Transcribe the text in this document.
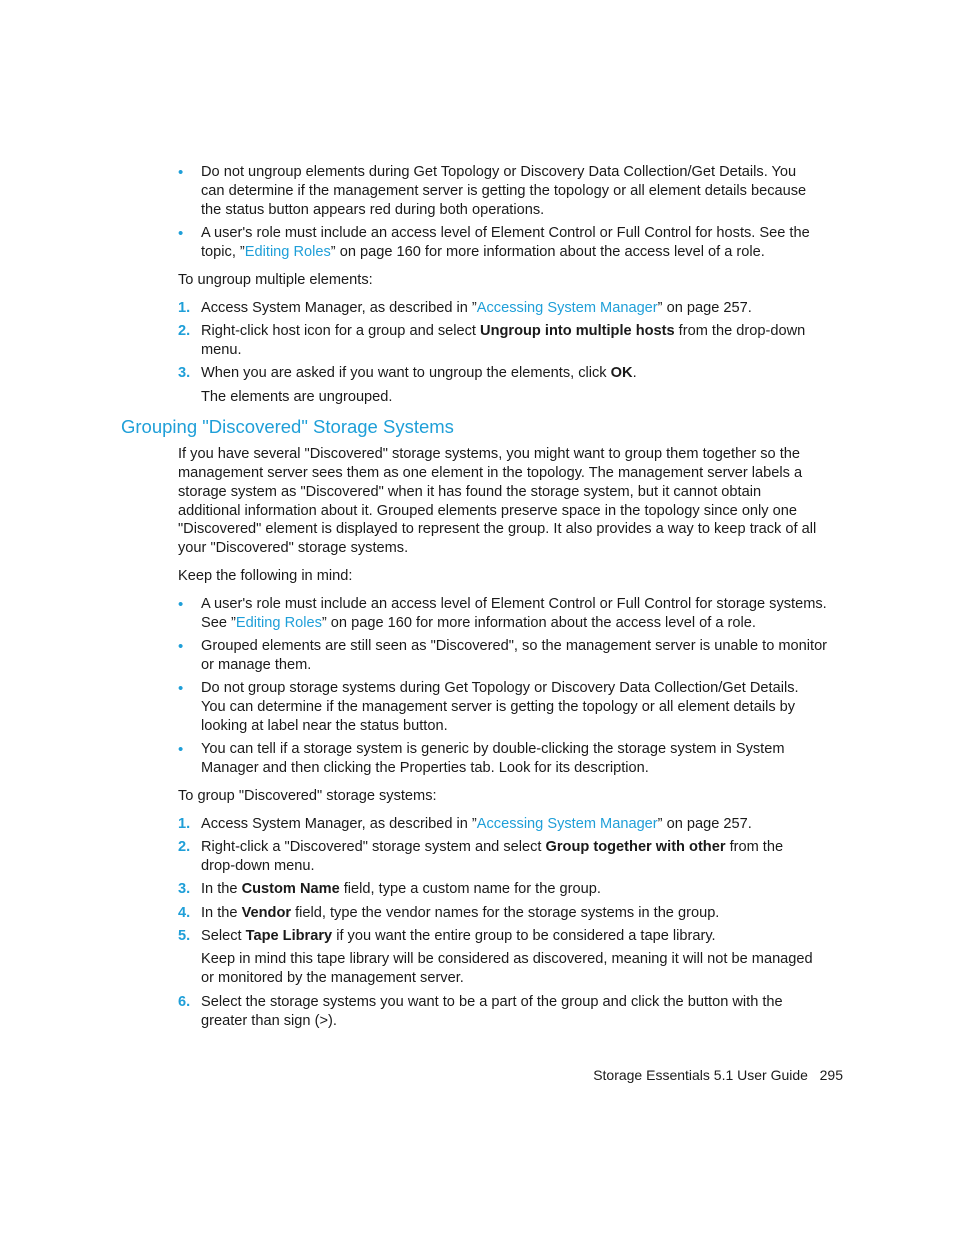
• Do not ungroup elements during Get Topology or Discovery Data Collection/Get Details. You
can determine if the management server is getting the topology or all element details because
the status button appears red during both operations.
• A user's role must include an access level of Element Control or Full Control for hosts. See the
topic, ”Editing Roles” on page 160 for more information about the access level of a role.
To ungroup multiple elements:
1. Access System Manager, as described in ”Accessing System Manager” on page 257.
2. Right-click host icon for a group and select Ungroup into multiple hosts from the drop-down
menu.
3. When you are asked if you want to ungroup the elements, click OK.
The elements are ungrouped.
Grouping "Discovered" Storage Systems
If you have several "Discovered" storage systems, you might want to group them together so the
management server sees them as one element in the topology. The management server labels a
storage system as "Discovered" when it has found the storage system, but it cannot obtain
additional information about it. Grouped elements preserve space in the topology since only one
"Discovered" element is displayed to represent the group. It also provides a way to keep track of all
your "Discovered" storage systems.
Keep the following in mind:
• A user's role must include an access level of Element Control or Full Control for storage systems.
See ”Editing Roles” on page 160 for more information about the access level of a role.
• Grouped elements are still seen as "Discovered", so the management server is unable to monitor
or manage them.
• Do not group storage systems during Get Topology or Discovery Data Collection/Get Details.
You can determine if the management server is getting the topology or all element details by
looking at label near the status button.
• You can tell if a storage system is generic by double-clicking the storage system in System
Manager and then clicking the Properties tab. Look for its description.
To group "Discovered" storage systems:
1. Access System Manager, as described in ”Accessing System Manager” on page 257.
2. Right-click a "Discovered" storage system and select Group together with other from the
drop-down menu.
3. In the Custom Name field, type a custom name for the group.
4. In the Vendor field, type the vendor names for the storage systems in the group.
5. Select Tape Library if you want the entire group to be considered a tape library.
Keep in mind this tape library will be considered as discovered, meaning it will not be managed
or monitored by the management server.
6. Select the storage systems you want to be a part of the group and click the button with the
greater than sign (>).
Storage Essentials 5.1 User Guide 295
